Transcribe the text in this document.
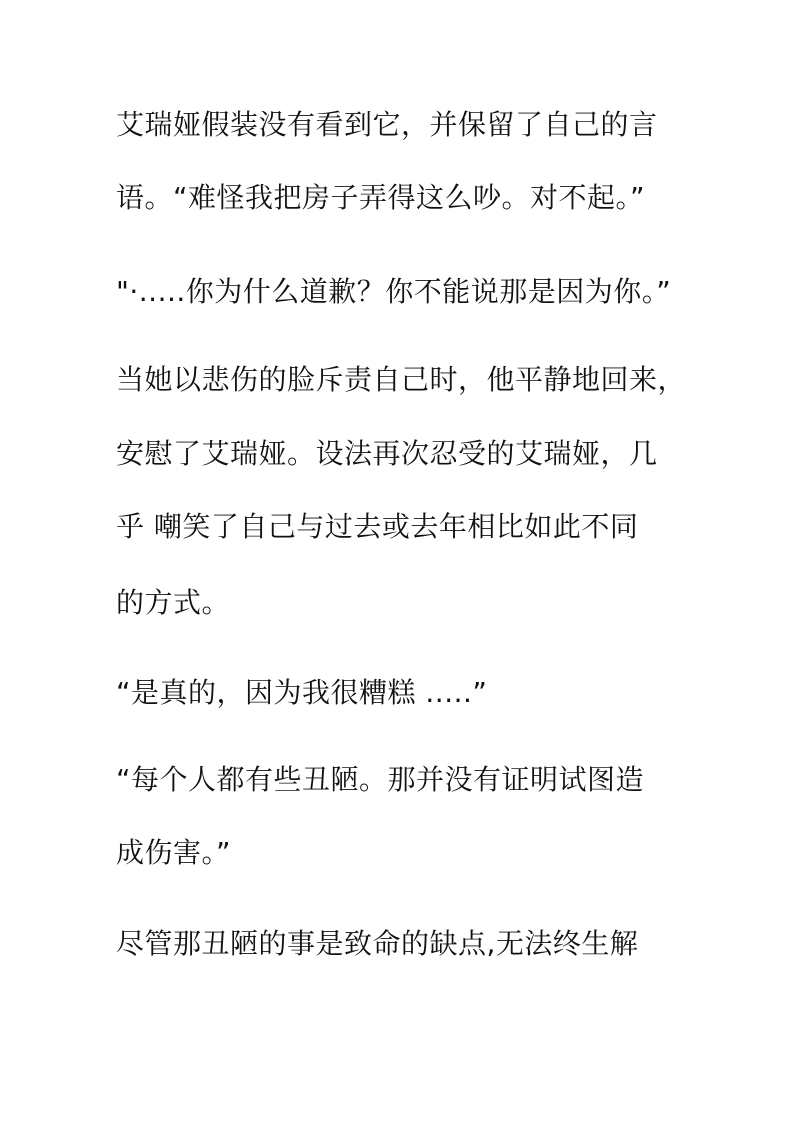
艾瑞娅假装没有看到它，并保留了自己的言
语。“难怪我把房子弄得这么吵。对不起。”
"·.....你为什么道歉？你不能说那是因为你。”
当她以悲伤的脸斥责自己时，他平静地回来，
安慰了艾瑞娅。设法再次忍受的艾瑞娅，几
乎 嘲笑了自己与过去或去年相比如此不同
的方式。
“是真的，因为我很糟糕 .....”
“每个人都有些丑陋。那并没有证明试图造
成伤害。”
尽管那丑陋的事是致命的缺点,无法终生解
